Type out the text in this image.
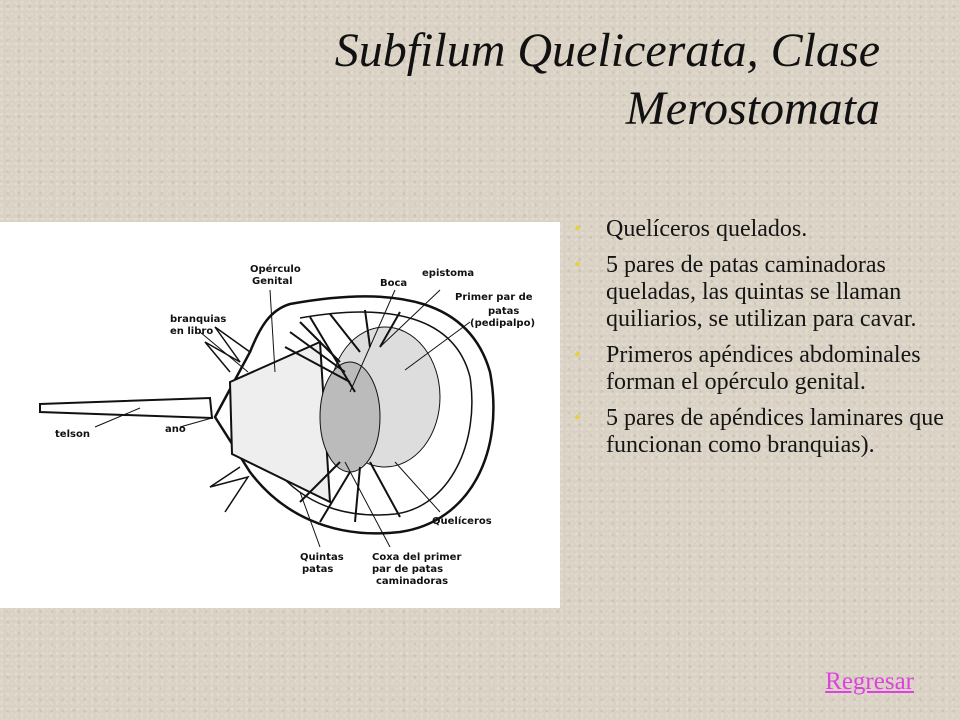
Subfilum Quelicerata, Clase
Merostomata
Opérculo
Genital	Boca
epistoma
Primer par de
patas
(pedipalpo)
branquias
en libro
telson	ano
Quelíceros
Quintas
patas
Coxa del primer
par de patas
caminadoras
• Quelíceros quelados.
• 5 pares de patas caminadoras queladas, las quintas se llaman quiliarios, se utilizan para cavar.
• Primeros apéndices abdominales forman el opérculo genital.
• 5 pares de apéndices laminares que funcionan como branquias).
Regresar
